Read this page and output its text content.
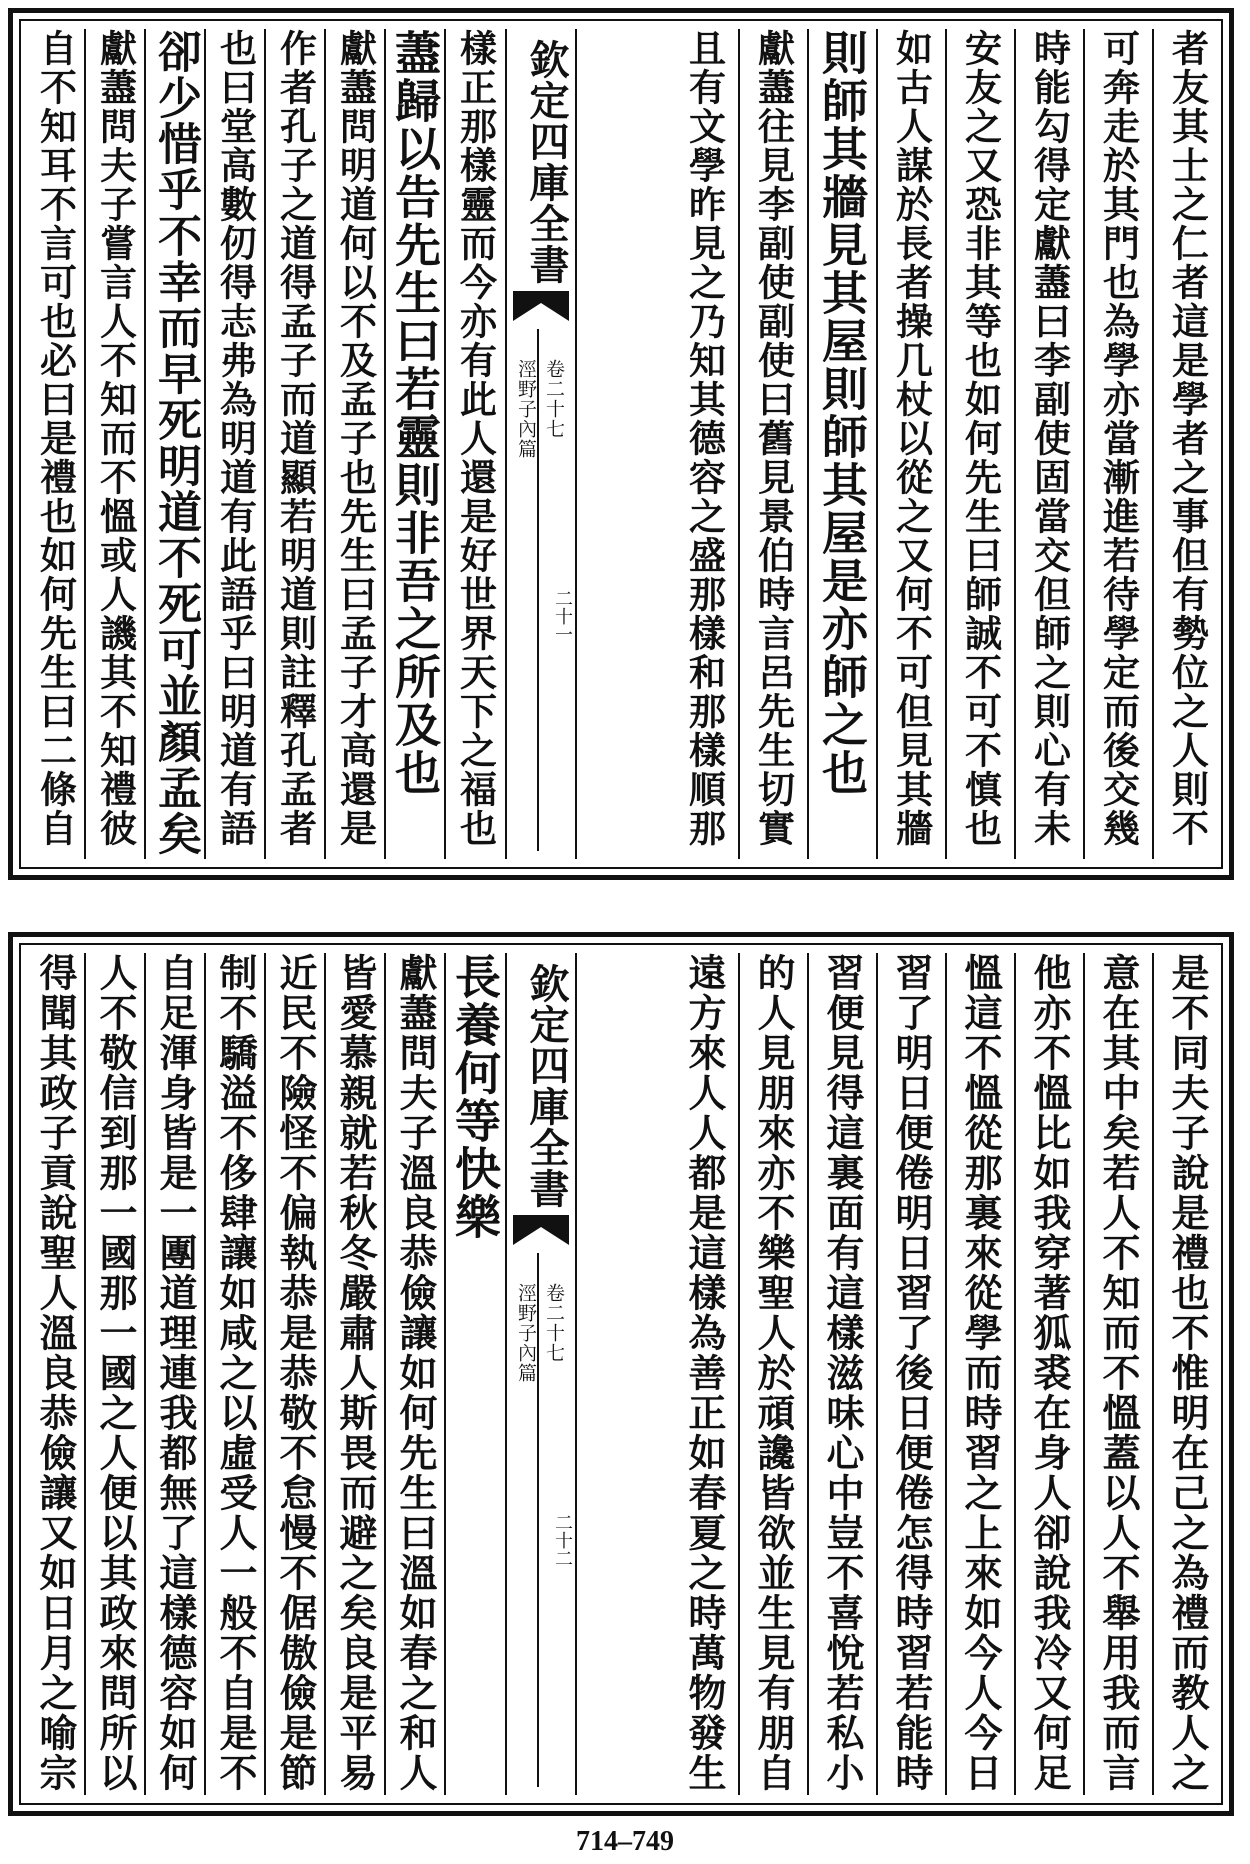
樣正那樣靈而今亦有此人還是好世界天下之福也
藎歸以告先生曰若靈則非吾之所及也
獻藎問明道何以不及孟子也先生曰孟子才高還是
作者孔子之道得孟子而道顯若明道則註釋孔孟者
也曰堂高數仞得志弗為明道有此語乎曰明道有語
卻少惜乎不幸而早死明道不死可並顏孟矣
獻藎問夫子嘗言人不知而不慍或人譏其不知禮彼
自不知耳不言可也必曰是禮也如何先生曰二條自	欽定四庫全書
涇野子內篇 卷二十七
二十一	者友其士之仁者這是學者之事但有勢位之人則不
可奔走於其門也為學亦當漸進若待學定而後交幾
時能勾得定獻藎曰李副使固當交但師之則心有未
安友之又恐非其等也如何先生曰師誠不可不慎也
如古人謀於長者操几杖以從之又何不可但見其牆
則師其牆見其屋則師其屋是亦師之也
獻藎往見李副使副使曰舊見景伯時言呂先生切實
且有文學昨見之乃知其德容之盛那樣和那樣順那
長養何等快樂
獻藎問夫子溫良恭儉讓如何先生曰溫如春之和人
皆愛慕親就若秋冬嚴肅人斯畏而避之矣良是平易
近民不險怪不偏執恭是恭敬不怠慢不倨傲儉是節
制不驕溢不侈肆讓如咸之以虛受人一般不自是不
自足渾身皆是一團道理連我都無了這樣德容如何
人不敬信到那一國那一國之人便以其政來問所以
得聞其政子貢說聖人溫良恭儉讓又如日月之喻宗	欽定四庫全書
涇野子內篇 卷二十七
二十二	是不同夫子說是禮也不惟明在己之為禮而教人之
意在其中矣若人不知而不慍蓋以人不舉用我而言
他亦不慍比如我穿著狐裘在身人卻說我冷又何足
慍這不慍從那裏來從學而時習之上來如今人今日
習了明日便倦明日習了後日便倦怎得時習若能時
習便見得這裏面有這樣滋味心中豈不喜悅若私小
的人見朋來亦不樂聖人於頑讒皆欲並生見有朋自
遠方來人人都是這樣為善正如春夏之時萬物發生
714–749
